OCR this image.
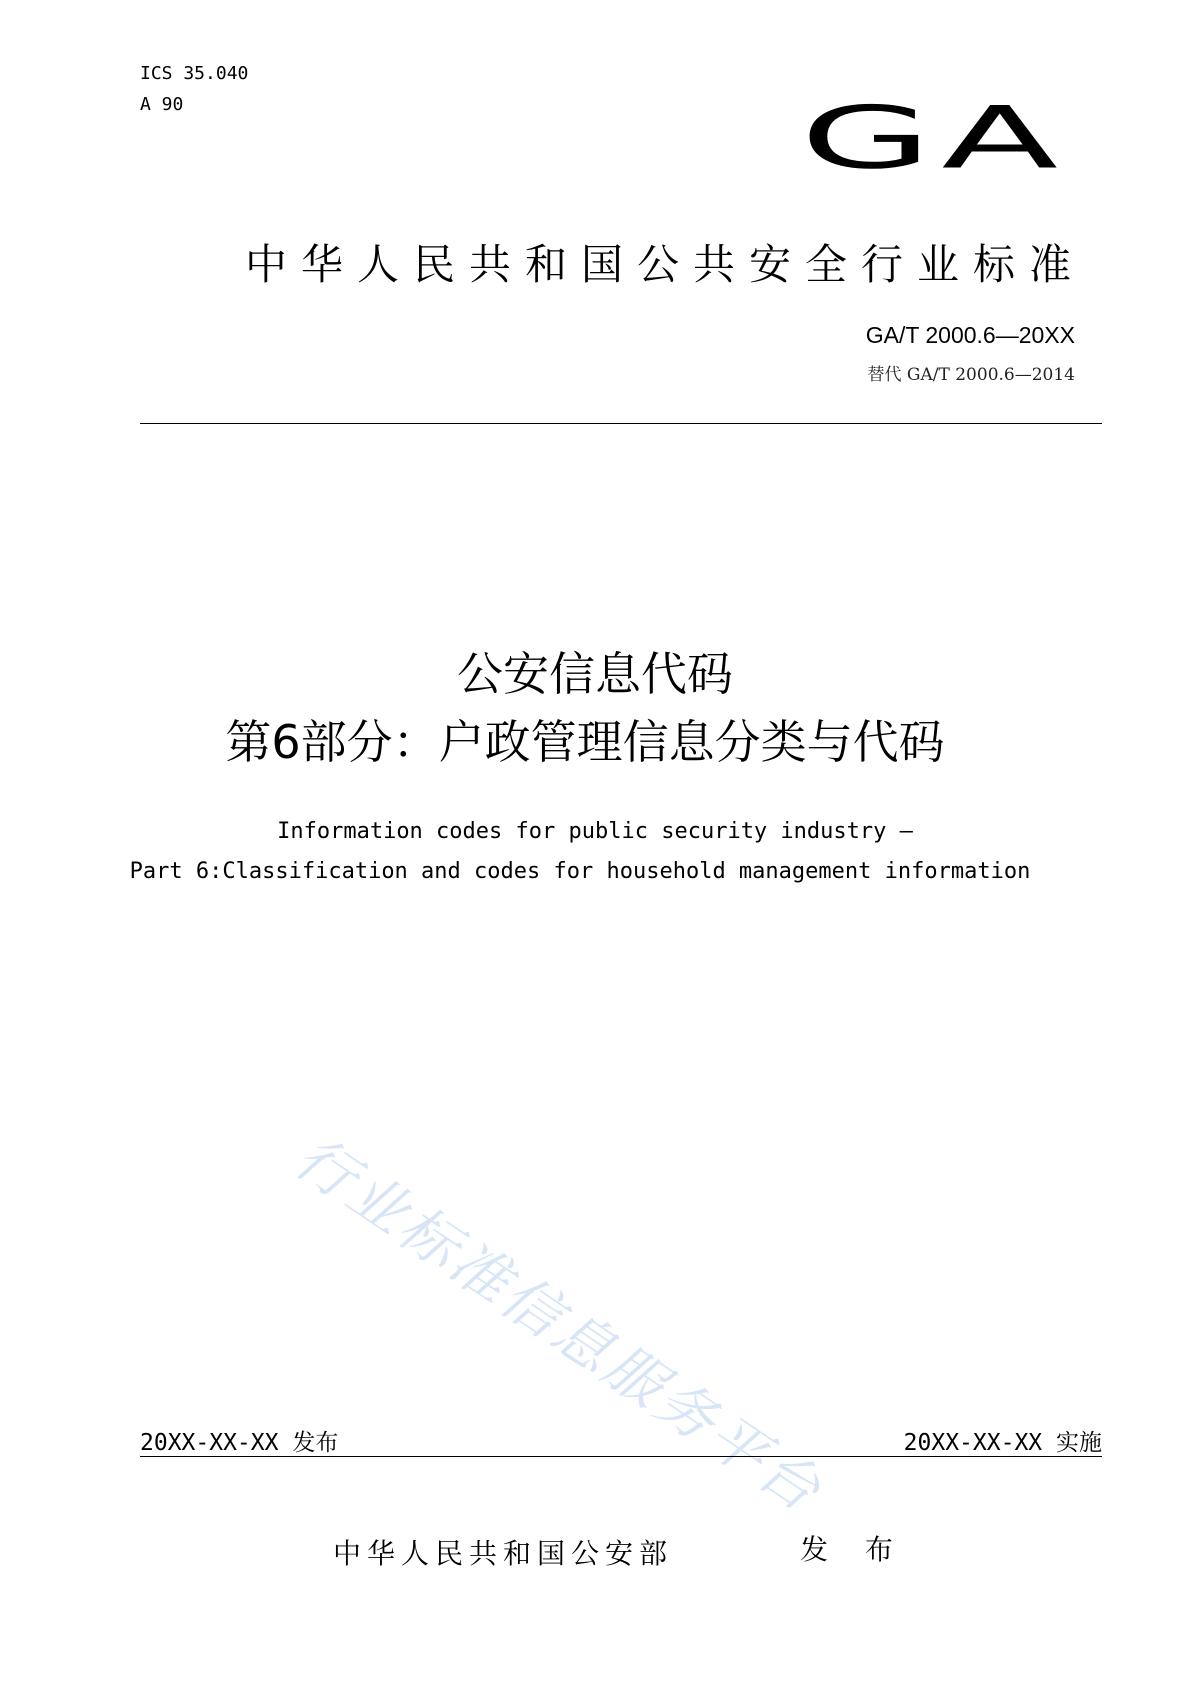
ICS 35.040
A 90	GA
中华人民共和国公共安全行业标准
GA/T 2000.6—20XX
替代 GA/T 2000.6—2014
公安信息代码
第6部分：户政管理信息分类与代码
Information codes for public security industry —
Part 6:Classification and codes for household management information
行业标准信息服务平台
20XX-XX-XX 发布	20XX-XX-XX 实施
中华人民共和国公安部	发 布
